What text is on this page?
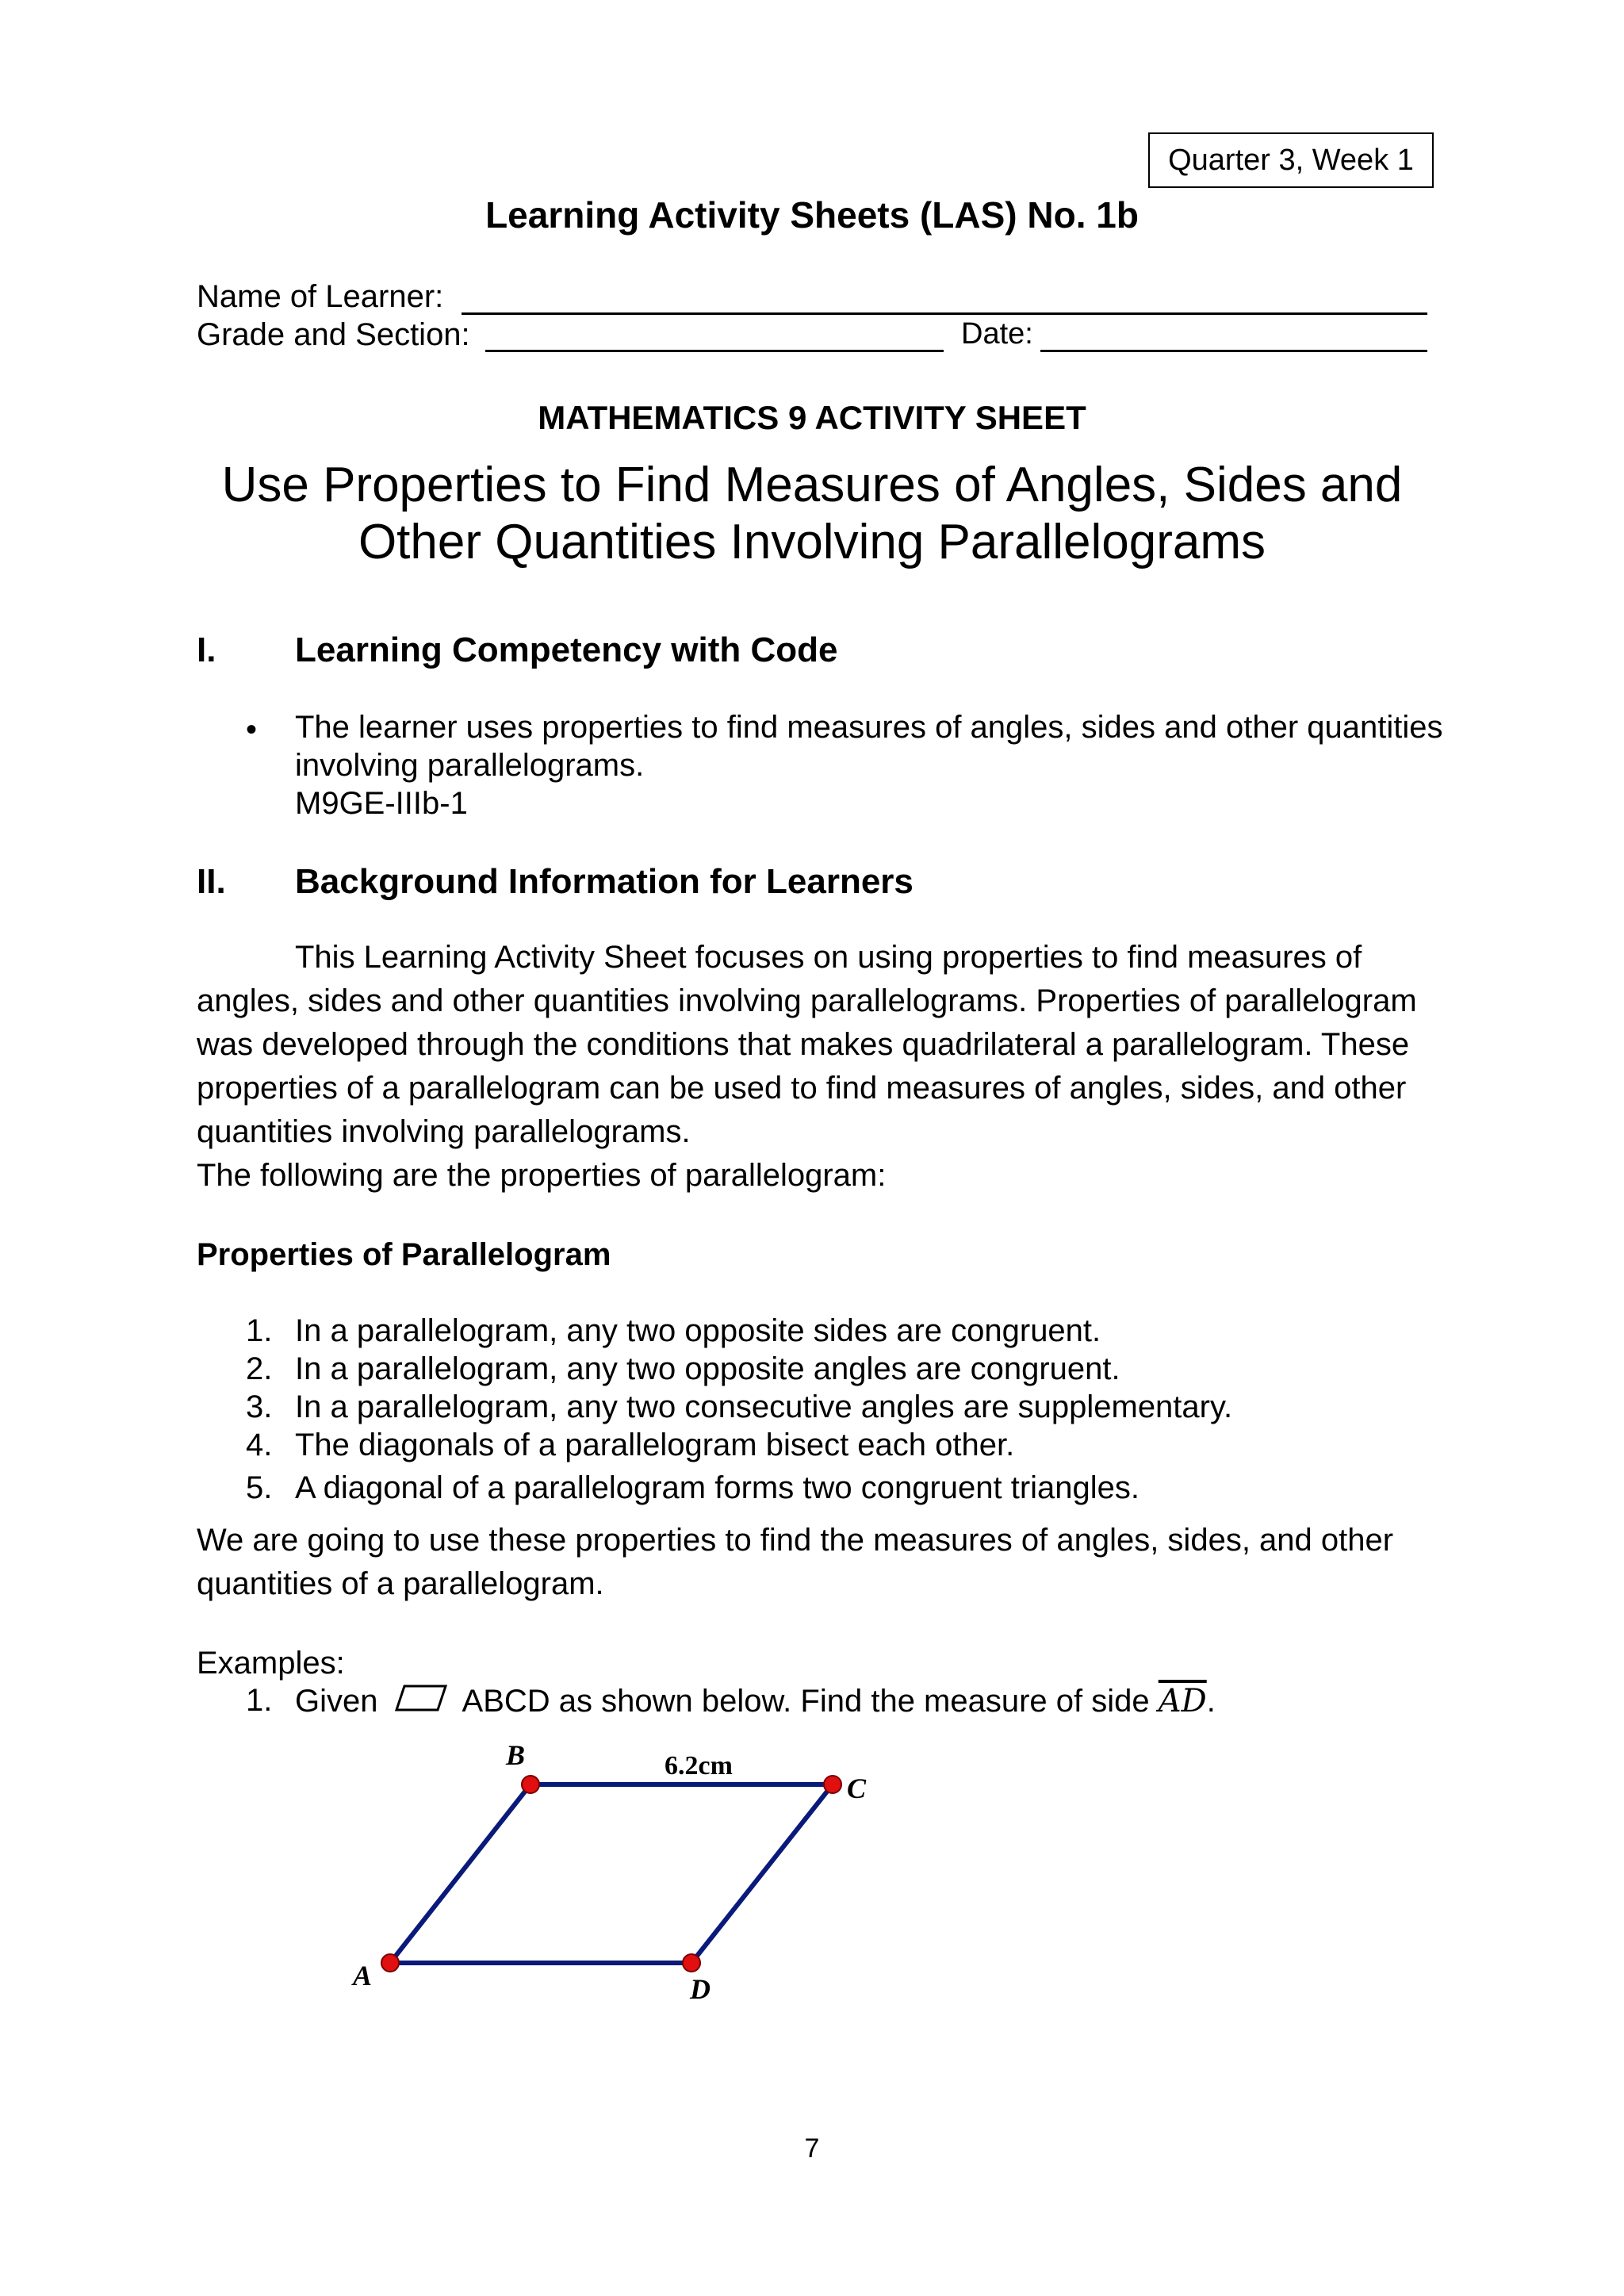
Quarter 3, Week 1
Learning Activity Sheets (LAS) No. 1b
Name of Learner:
Grade and Section:	Date:
MATHEMATICS 9 ACTIVITY SHEET
Use Properties to Find Measures of Angles, Sides and
Other Quantities Involving Parallelograms
I. Learning Competency with Code
• The learner uses properties to find measures of angles, sides and other quantities involving parallelograms.
M9GE-IIIb-1
II. Background Information for Learners

This Learning Activity Sheet focuses on using properties to find measures of angles, sides and other quantities involving parallelograms. Properties of parallelogram was developed through the conditions that makes quadrilateral a parallelogram. These properties of a parallelogram can be used to find measures of angles, sides, and other quantities involving parallelograms.

The following are the properties of parallelogram:

Properties of Parallelogram
1. In a parallelogram, any two opposite sides are congruent.
2. In a parallelogram, any two opposite angles are congruent.
3. In a parallelogram, any two consecutive angles are supplementary.
4. The diagonals of a parallelogram bisect each other.
5. A diagonal of a parallelogram forms two congruent triangles.
We are going to use these properties to find the measures of angles, sides, and other quantities of a parallelogram.
Examples:
1. Given	ABCD as shown below. Find the measure of side $\overline{AD}$.
B
C
D
A
6.2cm
7
